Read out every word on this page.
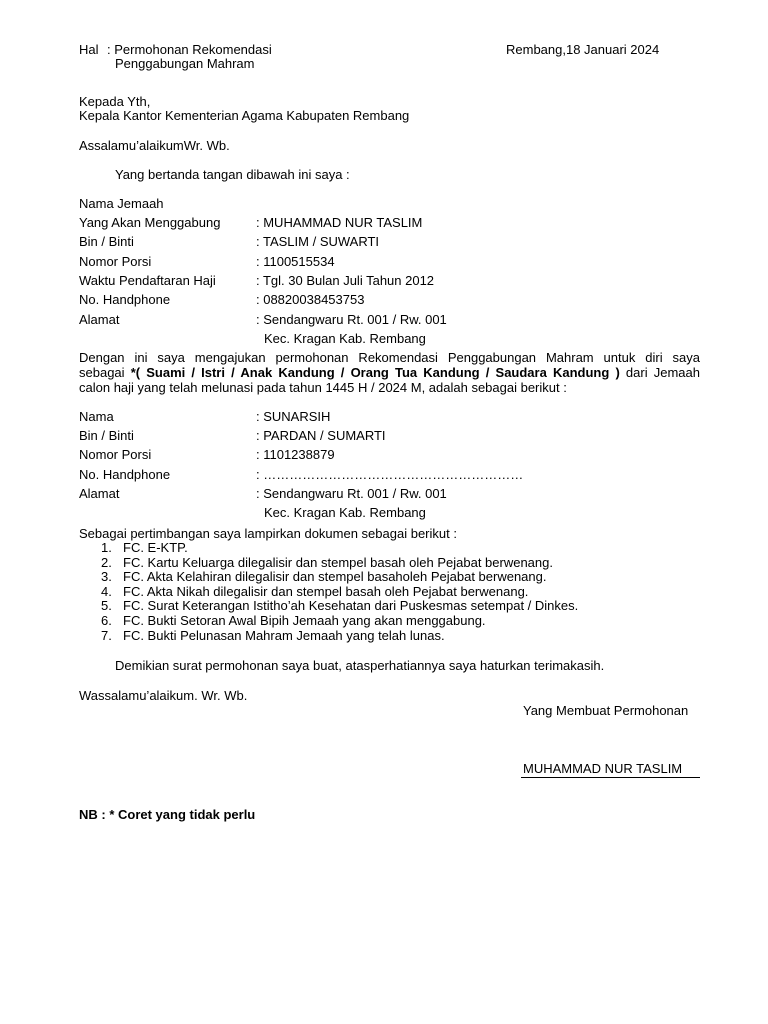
Hal : Permohonan Rekomendasi
Penggabungan Mahram
Rembang,18 Januari 2024
Kepada Yth,
Kepala Kantor Kementerian Agama Kabupaten Rembang
Assalamu’alaikumWr. Wb.
Yang bertanda tangan dibawah ini saya :
Nama Jemaah
Yang Akan Menggabung	: MUHAMMAD NUR TASLIM
Bin / Binti	: TASLIM / SUWARTI
Nomor Porsi	: 1100515534
Waktu Pendaftaran Haji	: Tgl. 30 Bulan Juli Tahun 2012
No. Handphone	: 08820038453753
Alamat	: Sendangwaru Rt. 001 / Rw. 001
Kec. Kragan Kab. Rembang
Dengan ini saya mengajukan permohonan Rekomendasi Penggabungan Mahram untuk diri saya
sebagai *( Suami / Istri / Anak Kandung / Orang Tua Kandung / Saudara Kandung ) dari Jemaah
calon haji yang telah melunasi pada tahun 1445 H / 2024 M, adalah sebagai berikut :
Nama	: SUNARSIH
Bin / Binti	: PARDAN / SUMARTI
Nomor Porsi	: 1101238879
No. Handphone	: ……………………………………………………
Alamat	: Sendangwaru Rt. 001 / Rw. 001
Kec. Kragan Kab. Rembang
Sebagai pertimbangan saya lampirkan dokumen sebagai berikut :
1. FC. E-KTP.
2. FC. Kartu Keluarga dilegalisir dan stempel basah oleh Pejabat berwenang.
3. FC. Akta Kelahiran dilegalisir dan stempel basaholeh Pejabat berwenang.
4. FC. Akta Nikah dilegalisir dan stempel basah oleh Pejabat berwenang.
5. FC. Surat Keterangan Istitho’ah Kesehatan dari Puskesmas setempat / Dinkes.
6. FC. Bukti Setoran Awal Bipih Jemaah yang akan menggabung.
7. FC. Bukti Pelunasan Mahram Jemaah yang telah lunas.
Demikian surat permohonan saya buat, atasperhatiannya saya haturkan terimakasih.
Wassalamu’alaikum. Wr. Wb.
Yang Membuat Permohonan
MUHAMMAD NUR TASLIM
NB : * Coret yang tidak perlu
